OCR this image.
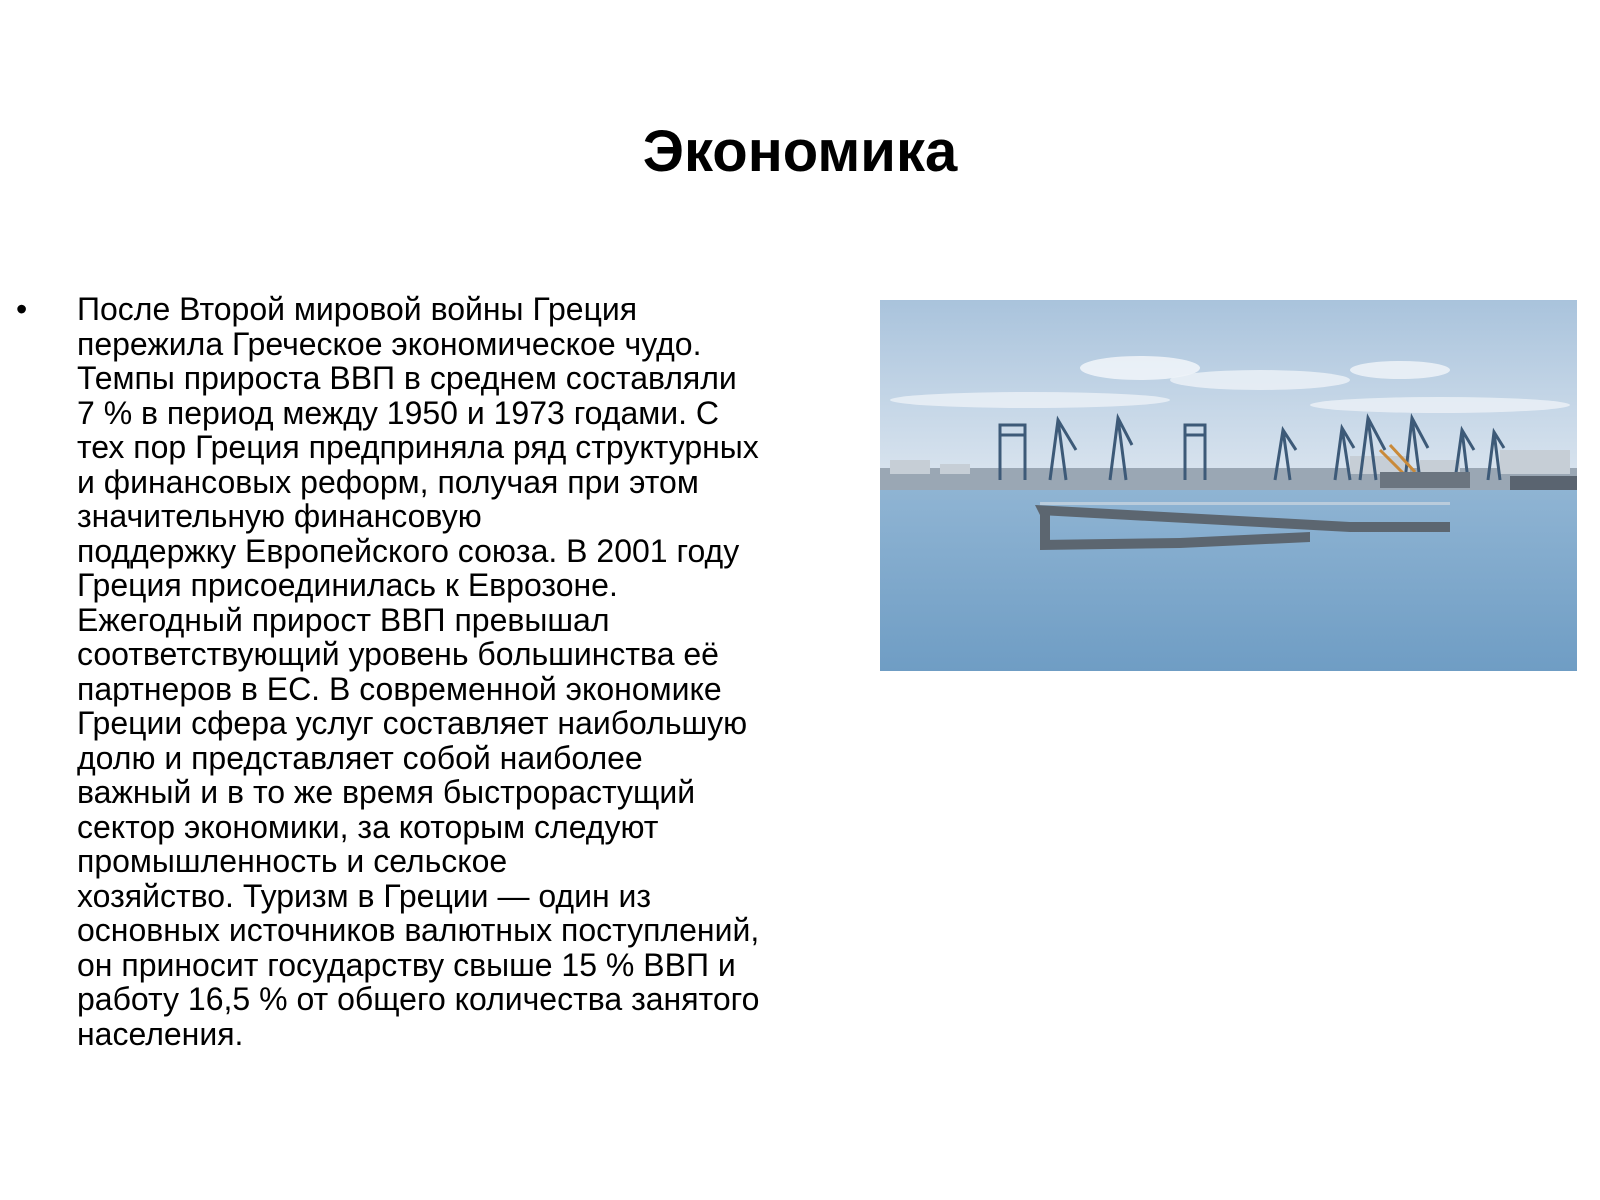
Экономика
• После Второй мировой войны Греция
пережила Греческое экономическое чудо.
Темпы прироста ВВП в среднем составляли
7 % в период между 1950 и 1973 годами. С
тех пор Греция предприняла ряд структурных
и финансовых реформ, получая при этом
значительную финансовую
поддержку Европейского союза. В 2001 году
Греция присоединилась к Еврозоне.
Ежегодный прирост ВВП превышал
соответствующий уровень большинства её
партнеров в ЕС. В современной экономике
Греции сфера услуг составляет наибольшую
долю и представляет собой наиболее
важный и в то же время быстрорастущий
сектор экономики, за которым следуют
промышленность и сельское
хозяйство. Туризм в Греции — один из
основных источников валютных поступлений,
он приносит государству свыше 15 % ВВП и
работу 16,5 % от общего количества занятого
населения.
